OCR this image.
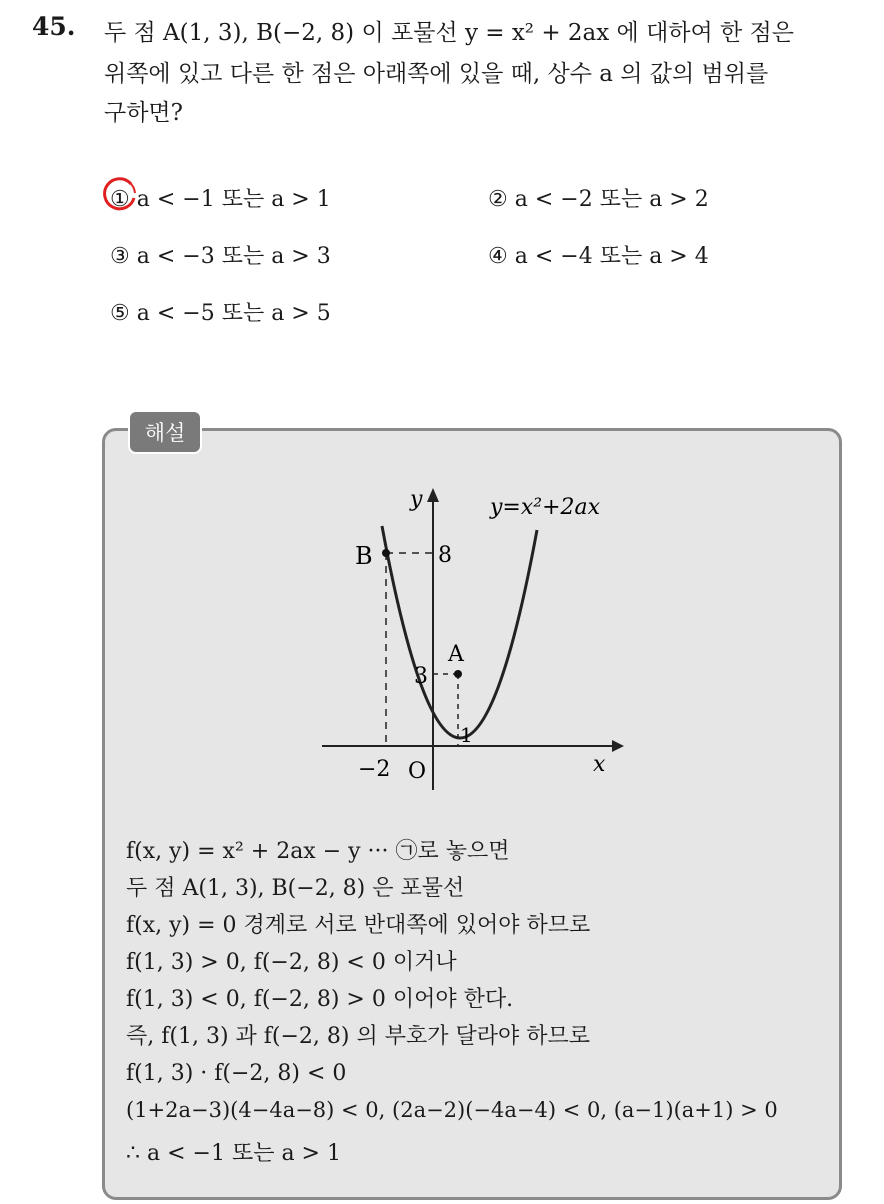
45. 두 점 A(1, 3), B(−2, 8) 이 포물선 y = x² + 2ax 에 대하여 한 점은
위쪽에 있고 다른 한 점은 아래쪽에 있을 때, 상수 a 의 값의 범위를
구하면?
① a < −1 또는 a > 1	② a < −2 또는 a > 2
③ a < −3 또는 a > 3	④ a < −4 또는 a > 4
⑤ a < −5 또는 a > 5
해설
y	y=x²+2ax
B	8
A
3
1
−2 O	x
f(x, y) = x² + 2ax − y ··· ㉠로 놓으면
두 점 A(1, 3), B(−2, 8) 은 포물선
f(x, y) = 0 경계로 서로 반대쪽에 있어야 하므로
f(1, 3) > 0, f(−2, 8) < 0 이거나
f(1, 3) < 0, f(−2, 8) > 0 이어야 한다.
즉, f(1, 3) 과 f(−2, 8) 의 부호가 달라야 하므로
f(1, 3) · f(−2, 8) < 0
(1+2a−3)(4−4a−8) < 0, (2a−2)(−4a−4) < 0, (a−1)(a+1) > 0
∴ a < −1 또는 a > 1
